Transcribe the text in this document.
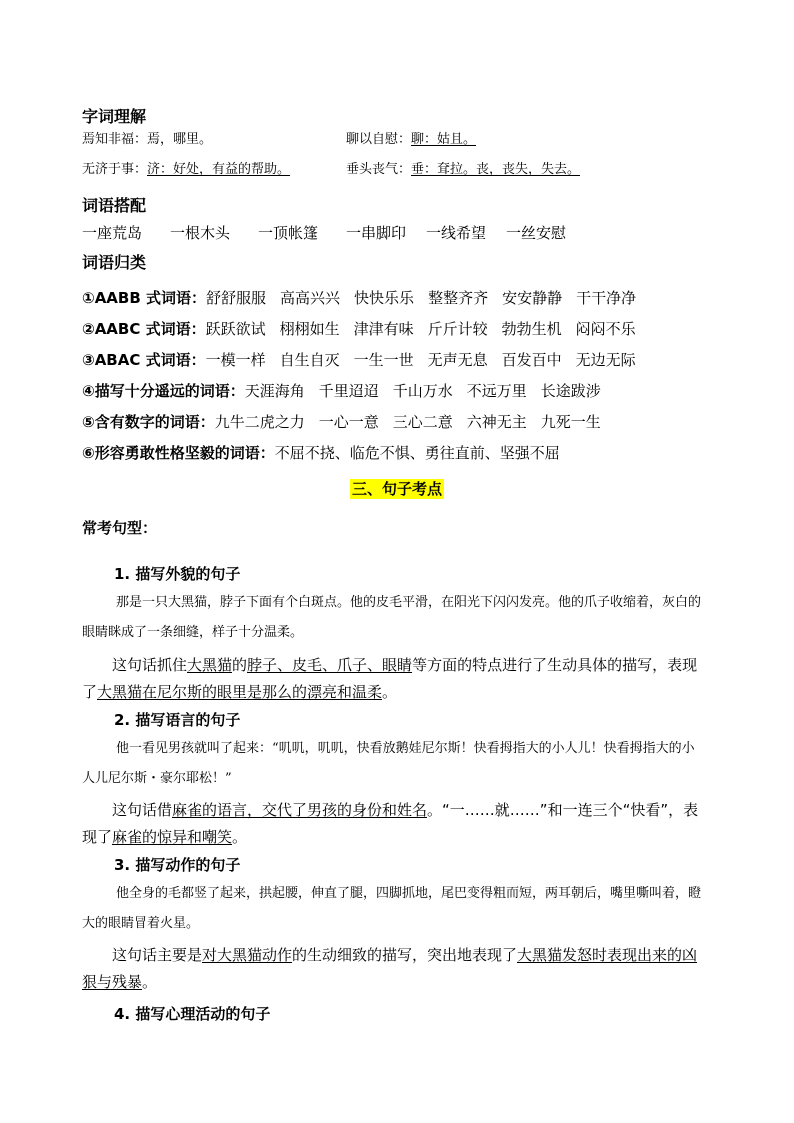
字词理解
焉知非福：焉，哪里。	聊以自慰：聊：姑且。
无济于事：济：好处，有益的帮助。	垂头丧气：垂：耷拉。丧，丧失，失去。
词语搭配
一座荒岛 一根木头 一顶帐篷 一串脚印 一线希望 一丝安慰
词语归类
①AABB 式词语：舒舒服服 高高兴兴 快快乐乐 整整齐齐 安安静静 干干净净
②AABC 式词语：跃跃欲试 栩栩如生 津津有味 斤斤计较 勃勃生机 闷闷不乐
③ABAC 式词语：一模一样 自生自灭 一生一世 无声无息 百发百中 无边无际
④描写十分遥远的词语：天涯海角 千里迢迢 千山万水 不远万里 长途跋涉
⑤含有数字的词语：九牛二虎之力 一心一意 三心二意 六神无主 九死一生
⑥形容勇敢性格坚毅的词语：不屈不挠、临危不惧、勇往直前、坚强不屈
三、句子考点
常考句型：
1. 描写外貌的句子
那是一只大黑猫，脖子下面有个白斑点。他的皮毛平滑，在阳光下闪闪发亮。他的爪子收缩着，灰白的眼睛眯成了一条细缝，样子十分温柔。
这句话抓住大黑猫的脖子、皮毛、爪子、眼睛等方面的特点进行了生动具体的描写，表现了大黑猫在尼尔斯的眼里是那么的漂亮和温柔。
2. 描写语言的句子
他一看见男孩就叫了起来：“叽叽，叽叽，快看放鹅娃尼尔斯！快看拇指大的小人儿！快看拇指大的小人儿尼尔斯・豪尔耶松！”
这句话借麻雀的语言，交代了男孩的身份和姓名。“一……就……”和一连三个“快看”，表现了麻雀的惊异和嘲笑。
3. 描写动作的句子
他全身的毛都竖了起来，拱起腰，伸直了腿，四脚抓地，尾巴变得粗而短，两耳朝后，嘴里嘶叫着，瞪大的眼睛冒着火星。
这句话主要是对大黑猫动作的生动细致的描写，突出地表现了大黑猫发怒时表现出来的凶狠与残暴。
4. 描写心理活动的句子
